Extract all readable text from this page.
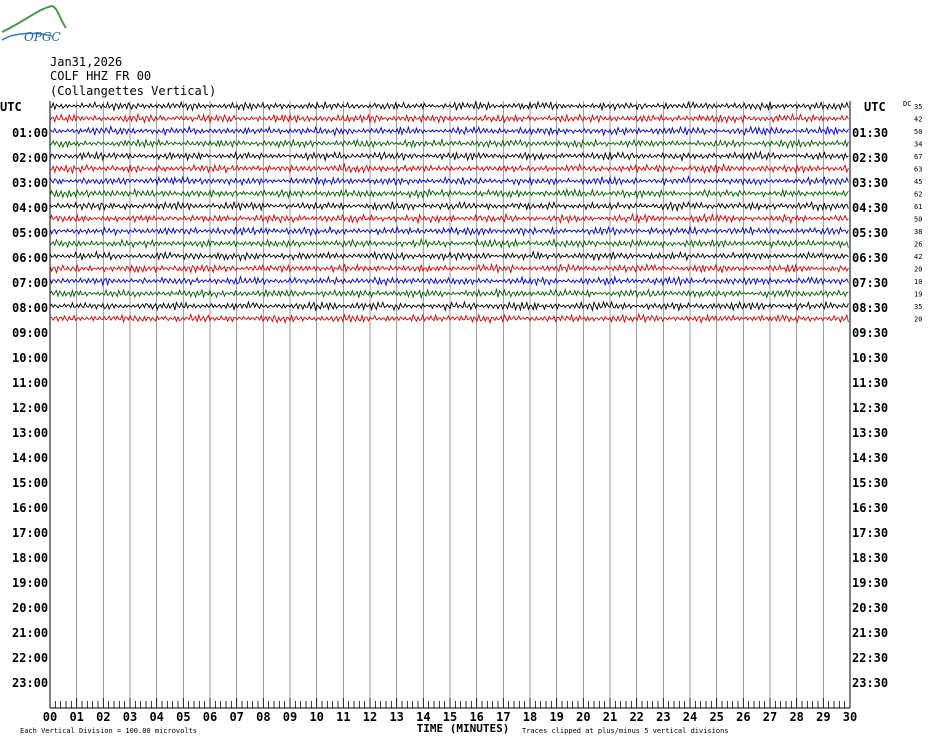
OPGC
Jan31,2026
COLF HHZ FR 00
(Collangettes Vertical)
00 01 02 03 04 05 06 07 08 09 10 11 12 13 14 15 16 17 18 19 20 21 22 23 24 25 26 27 28 29 30
TIME (MINUTES)
Each Vertical Division = 100.00 microvolts	Traces clipped at plus/minus 5 vertical divisions
UTC	UTC DC
01:00
02:00
03:00
04:00
05:00
06:00
07:00
08:00
09:00
10:00
11:00
12:00
13:00
14:00
15:00
16:00
17:00
18:00
19:00
20:00
21:00
22:00
23:00
01:30
02:30
03:30
04:30
05:30
06:30
07:30
08:30
09:30
10:30
11:30
12:30
13:30
14:30
15:30
16:30
17:30
18:30
19:30
20:30
21:30
22:30
23:30
35
42
50
34
67
63
45
62
61
50
38
26
42
20
10
19
35
20
